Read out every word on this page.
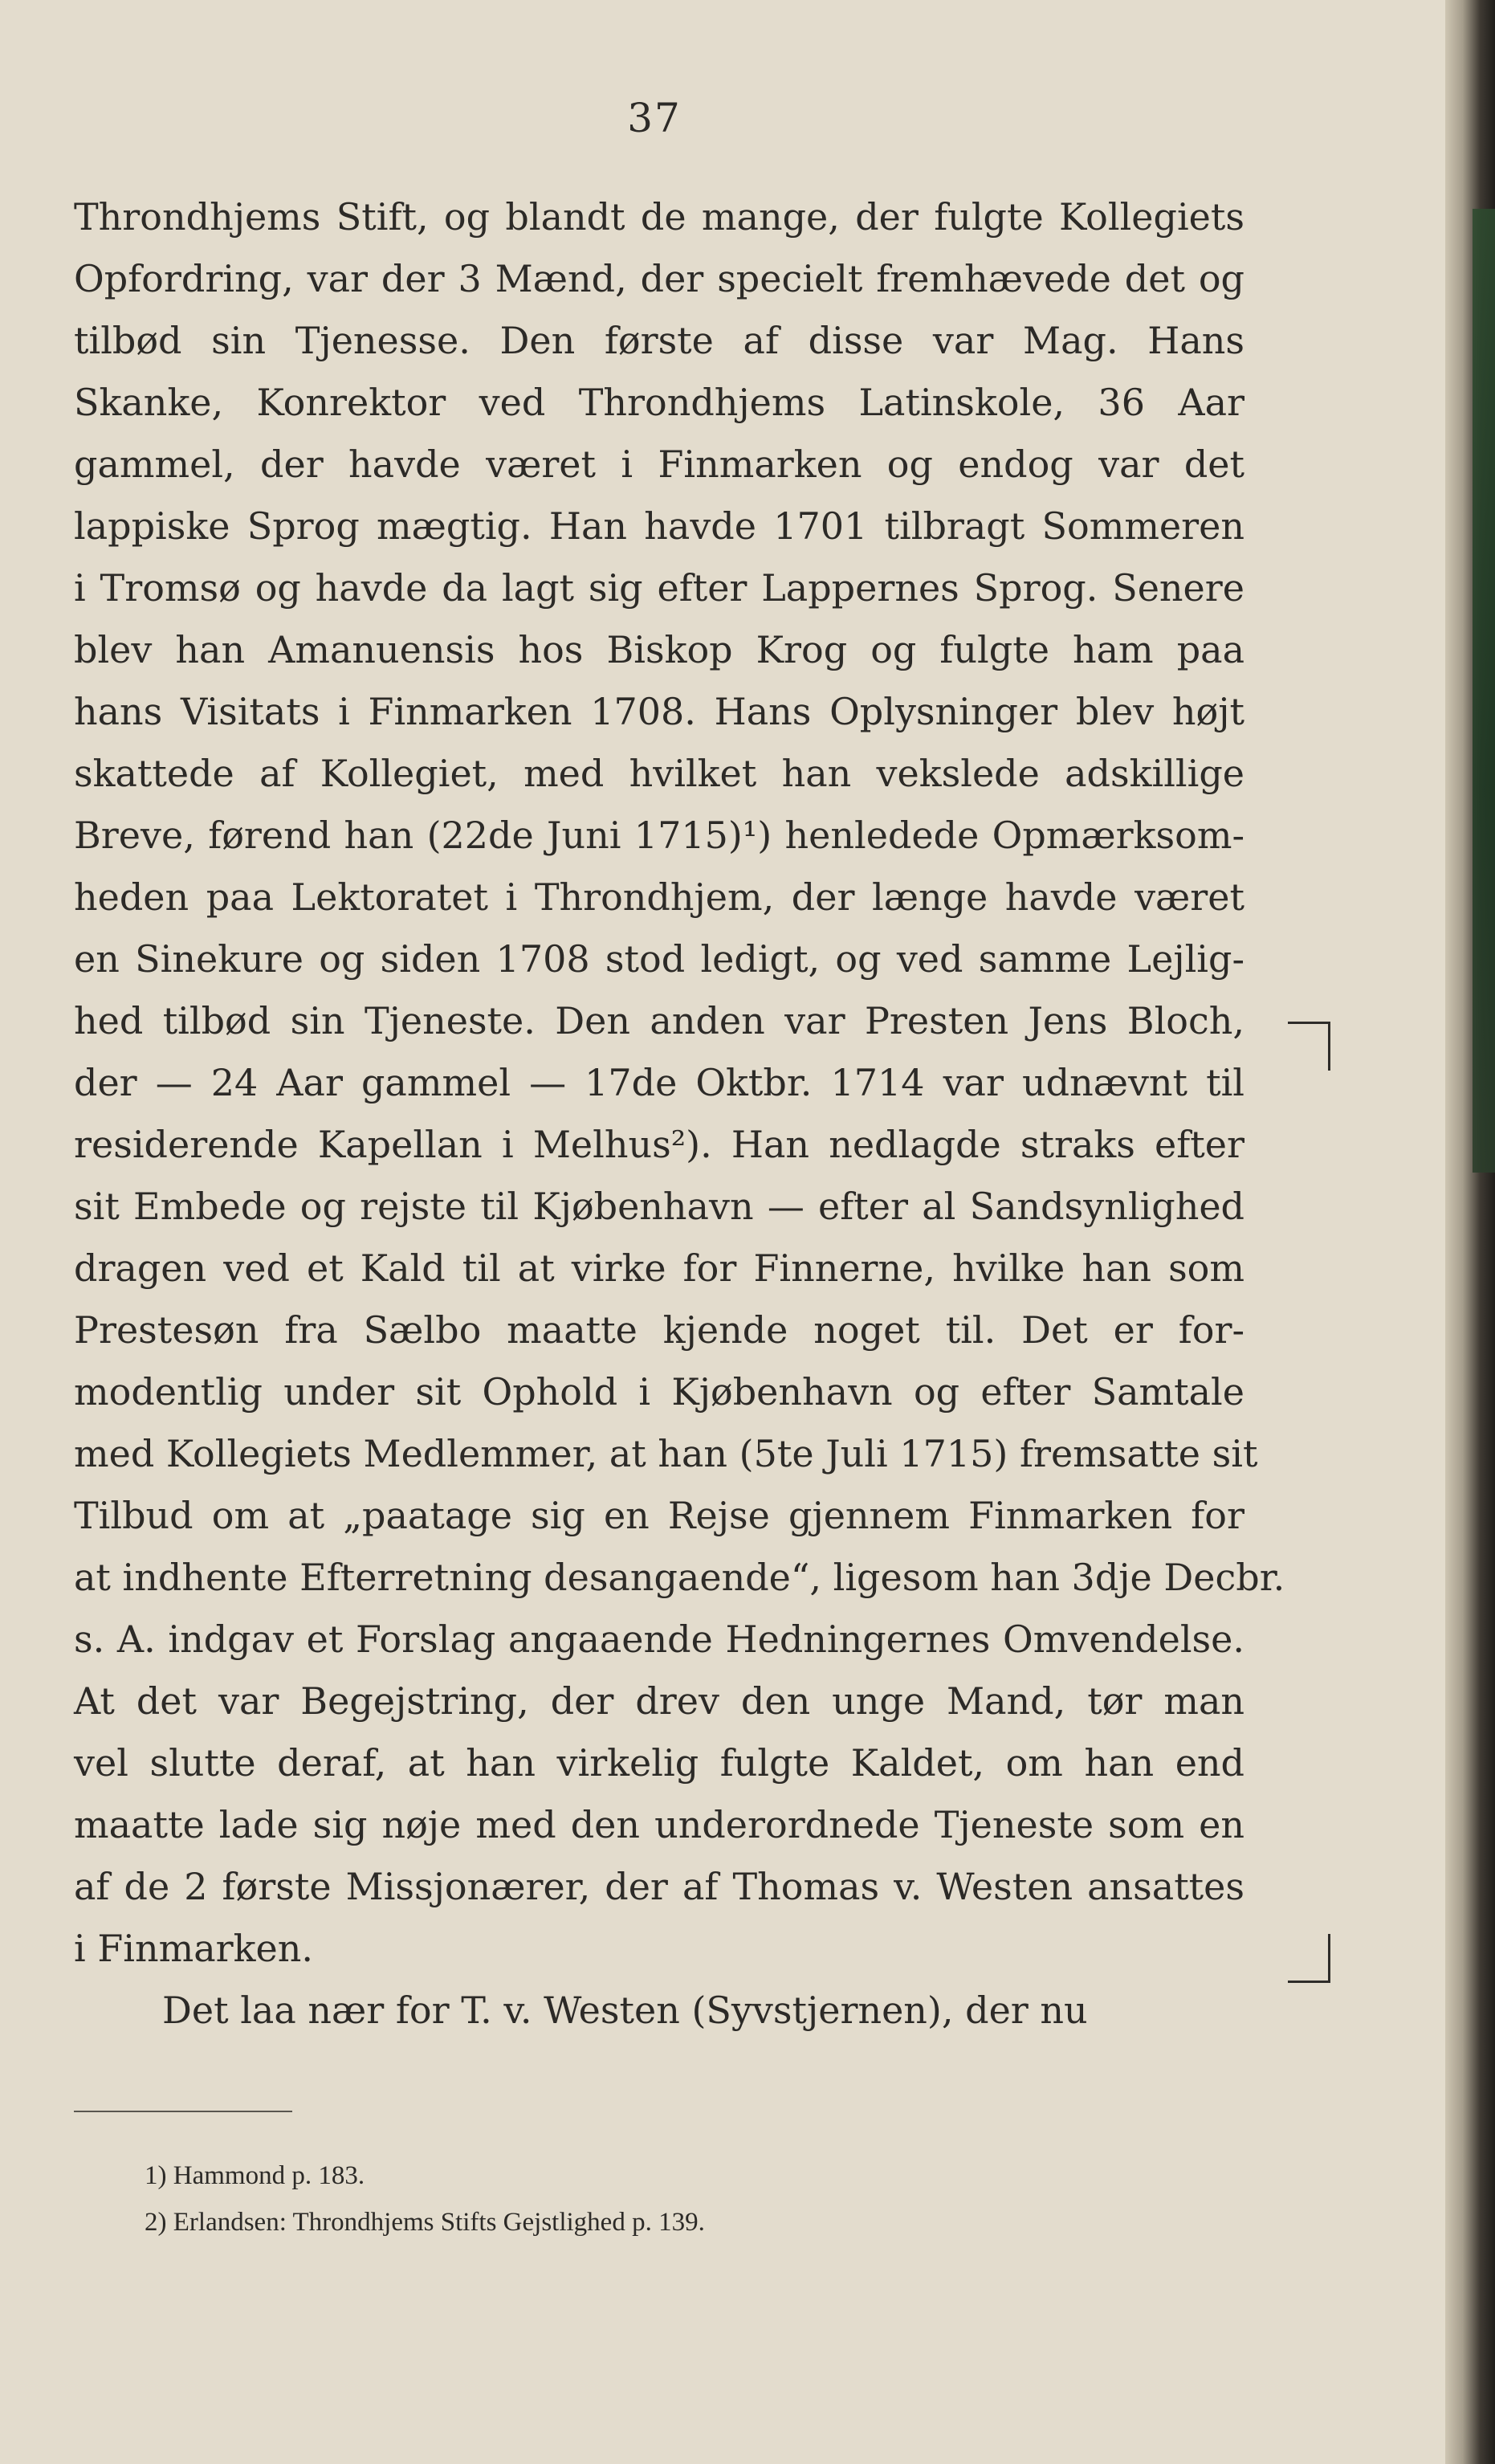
37
Throndhjems Stift, og blandt de mange, der fulgte Kollegiets
Opfordring, var der 3 Mænd, der specielt fremhævede det og
tilbød sin Tjenesse. Den første af disse var Mag. Hans
Skanke, Konrektor ved Throndhjems Latinskole, 36 Aar
gammel, der havde været i Finmarken og endog var det
lappiske Sprog mægtig. Han havde 1701 tilbragt Sommeren
i Tromsø og havde da lagt sig efter Lappernes Sprog. Senere
blev han Amanuensis hos Biskop Krog og fulgte ham paa
hans Visitats i Finmarken 1708. Hans Oplysninger blev højt
skattede af Kollegiet, med hvilket han vekslede adskillige
Breve, førend han (22de Juni 1715)¹) henledede Opmærksom-
heden paa Lektoratet i Throndhjem, der længe havde været
en Sinekure og siden 1708 stod ledigt, og ved samme Lejlig-
hed tilbød sin Tjeneste. Den anden var Presten Jens Bloch,
der — 24 Aar gammel — 17de Oktbr. 1714 var udnævnt til
residerende Kapellan i Melhus²). Han nedlagde straks efter
sit Embede og rejste til Kjøbenhavn — efter al Sandsynlighed
dragen ved et Kald til at virke for Finnerne, hvilke han som
Prestesøn fra Sælbo maatte kjende noget til. Det er for-
modentlig under sit Ophold i Kjøbenhavn og efter Samtale
med Kollegiets Medlemmer, at han (5te Juli 1715) fremsatte sit
Tilbud om at „paatage sig en Rejse gjennem Finmarken for
at indhente Efterretning desangaende“, ligesom han 3dje Decbr.
s. A. indgav et Forslag angaaende Hedningernes Omvendelse.
At det var Begejstring, der drev den unge Mand, tør man
vel slutte deraf, at han virkelig fulgte Kaldet, om han end
maatte lade sig nøje med den underordnede Tjeneste som en
af de 2 første Missjonærer, der af Thomas v. Westen ansattes
i Finmarken.
Det laa nær for T. v. Westen (Syvstjernen), der nu
1) Hammond p. 183.
2) Erlandsen: Throndhjems Stifts Gejstlighed p. 139.
